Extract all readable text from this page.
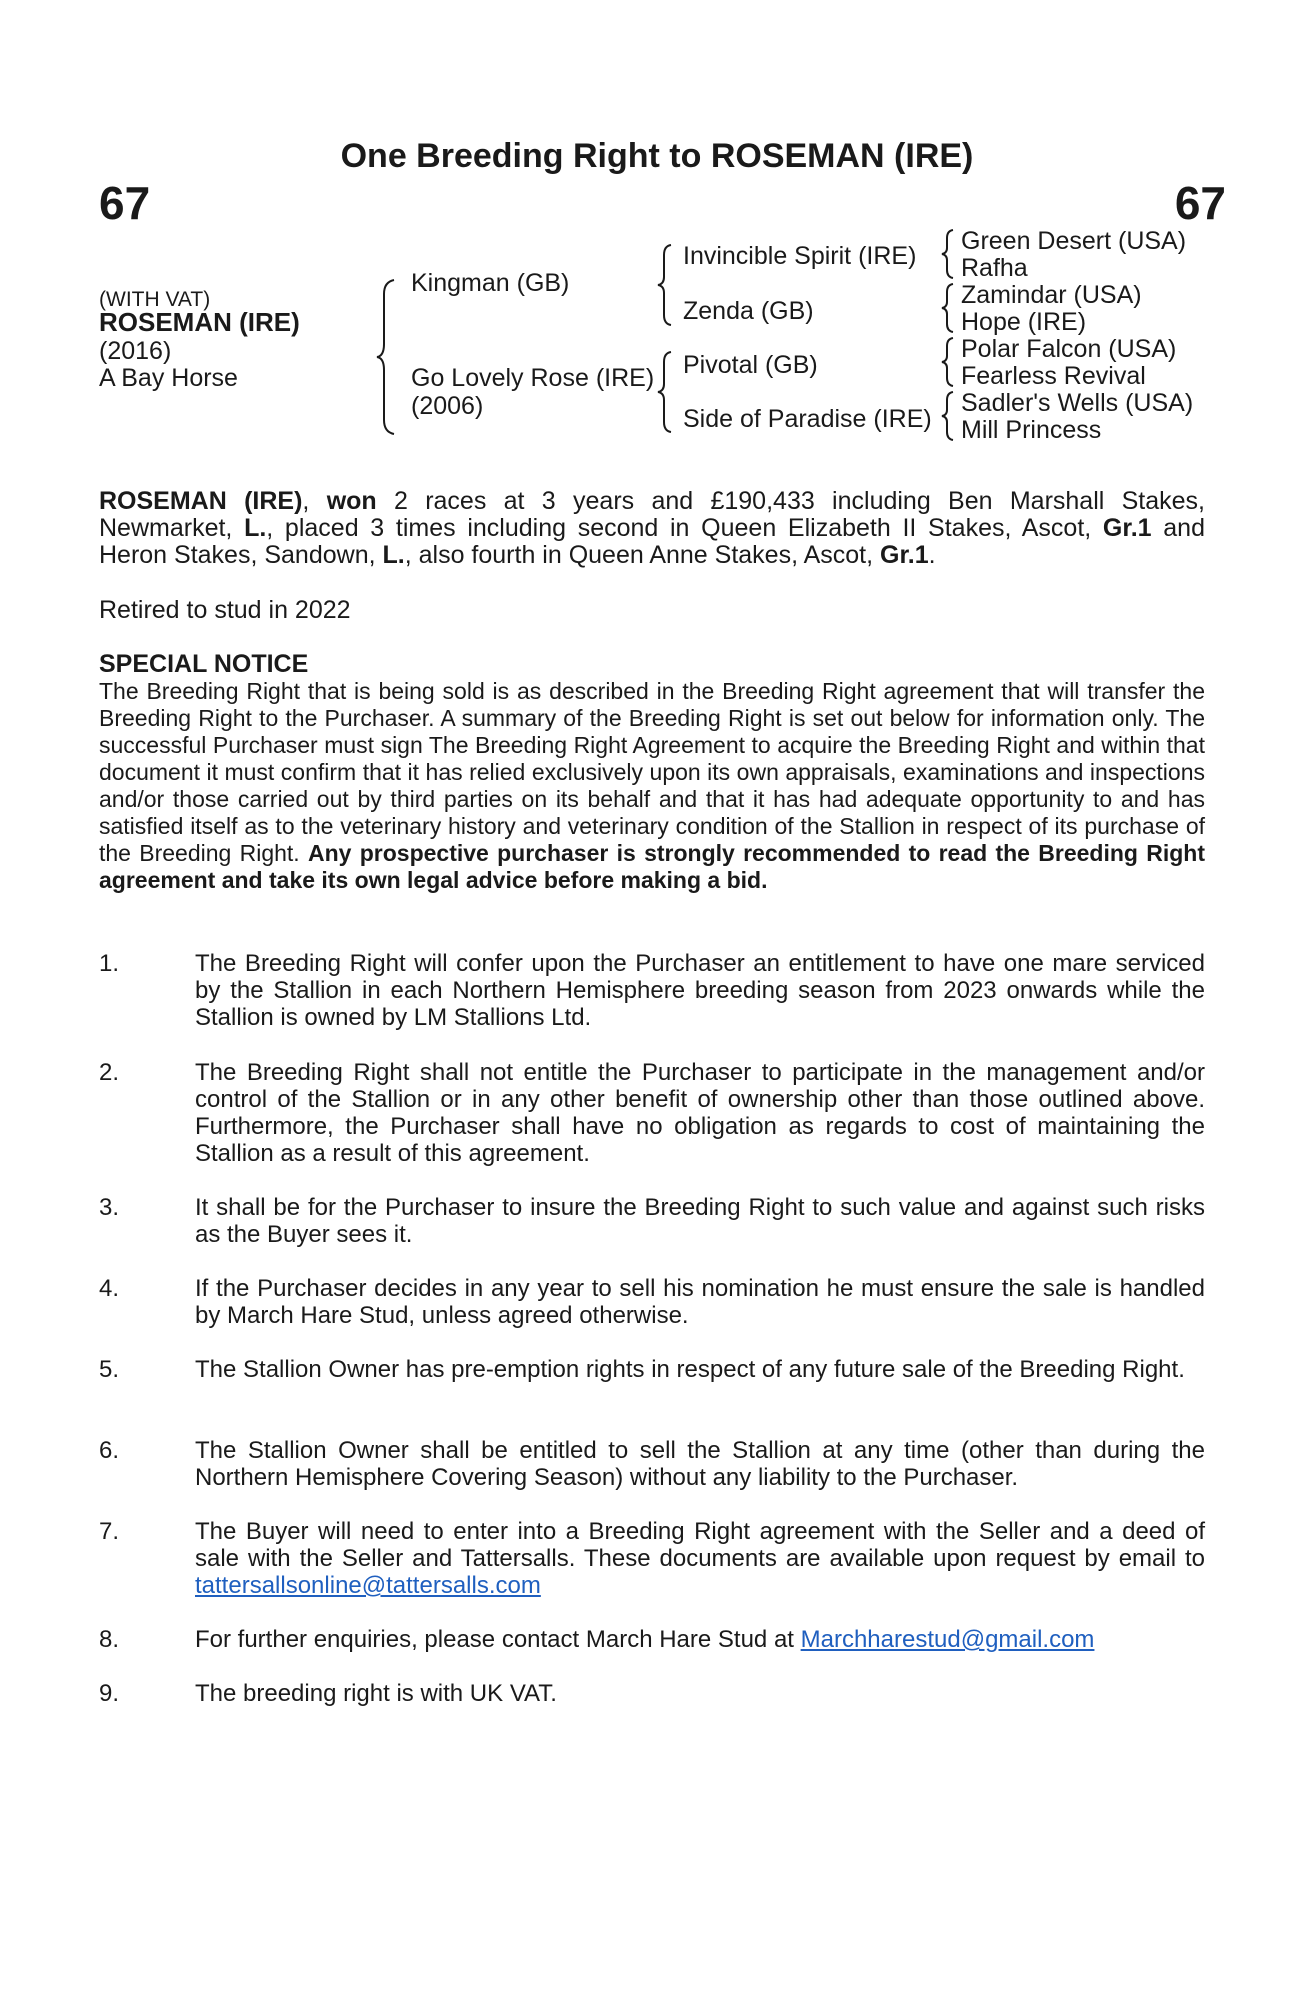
One Breeding Right to ROSEMAN (IRE)
67	67
(WITH VAT)
ROSEMAN (IRE)
(2016)
A Bay Horse
Kingman (GB)
Go Lovely Rose (IRE)
(2006)
Invincible Spirit (IRE)
Zenda (GB)
Pivotal (GB)
Side of Paradise (IRE)
Green Desert (USA)
Rafha
Zamindar (USA)
Hope (IRE)
Polar Falcon (USA)
Fearless Revival
Sadler's Wells (USA)
Mill Princess
ROSEMAN (IRE), won 2 races at 3 years and £190,433 including Ben Marshall Stakes, Newmarket, L., placed 3 times including second in Queen Elizabeth II Stakes, Ascot, Gr.1 and Heron Stakes, Sandown, L., also fourth in Queen Anne Stakes, Ascot, Gr.1.
Retired to stud in 2022
SPECIAL NOTICE
The Breeding Right that is being sold is as described in the Breeding Right agreement that will transfer the Breeding Right to the Purchaser. A summary of the Breeding Right is set out below for information only. The successful Purchaser must sign The Breeding Right Agreement to acquire the Breeding Right and within that document it must confirm that it has relied exclusively upon its own appraisals, examinations and inspections and/or those carried out by third parties on its behalf and that it has had adequate opportunity to and has satisfied itself as to the veterinary history and veterinary condition of the Stallion in respect of its purchase of the Breeding Right. Any prospective purchaser is strongly recommended to read the Breeding Right agreement and take its own legal advice before making a bid.
1.	The Breeding Right will confer upon the Purchaser an entitlement to have one mare serviced by the Stallion in each Northern Hemisphere breeding season from 2023 onwards while the Stallion is owned by LM Stallions Ltd.
2.	The Breeding Right shall not entitle the Purchaser to participate in the management and/or control of the Stallion or in any other benefit of ownership other than those outlined above. Furthermore, the Purchaser shall have no obligation as regards to cost of maintaining the Stallion as a result of this agreement.
3.	It shall be for the Purchaser to insure the Breeding Right to such value and against such risks as the Buyer sees it.
4.	If the Purchaser decides in any year to sell his nomination he must ensure the sale is handled by March Hare Stud, unless agreed otherwise.
5.	The Stallion Owner has pre-emption rights in respect of any future sale of the Breeding Right.
6.	The Stallion Owner shall be entitled to sell the Stallion at any time (other than during the Northern Hemisphere Covering Season) without any liability to the Purchaser.
7.	The Buyer will need to enter into a Breeding Right agreement with the Seller and a deed of sale with the Seller and Tattersalls. These documents are available upon request by email to tattersallsonline@tattersalls.com
8.	For further enquiries, please contact March Hare Stud at Marchharestud@gmail.com
9.	The breeding right is with UK VAT.
